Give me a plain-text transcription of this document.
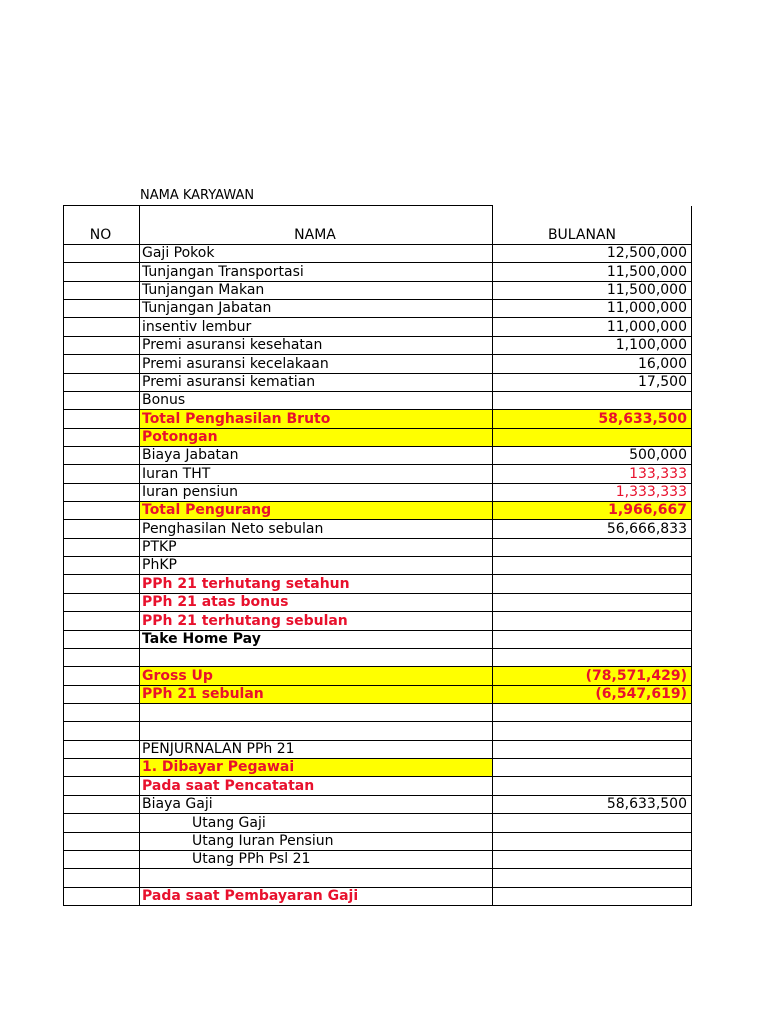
NAMA KARYAWAN
NO	NAMA	BULANAN
	Gaji Pokok	12,500,000
	Tunjangan Transportasi	11,500,000
	Tunjangan Makan	11,500,000
	Tunjangan Jabatan	11,000,000
	insentiv lembur	11,000,000
	Premi asuransi kesehatan	1,100,000
	Premi asuransi kecelakaan	16,000
	Premi asuransi kematian	17,500
	Bonus	
	Total Penghasilan Bruto	58,633,500
	Potongan	
	Biaya Jabatan	500,000
	Iuran THT	133,333
	Iuran pensiun	1,333,333
	Total Pengurang	1,966,667
	Penghasilan Neto sebulan	56,666,833
	PTKP	
	PhKP	
	PPh 21 terhutang setahun	
	PPh 21 atas bonus	
	PPh 21 terhutang sebulan	
	Take Home Pay	

	Gross Up	(78,571,429)
	PPh 21 sebulan	(6,547,619)

	PENJURNALAN PPh 21	
	1. Dibayar Pegawai	
	Pada saat Pencatatan	
	Biaya Gaji	58,633,500
	Utang Gaji	
	Utang Iuran Pensiun	
	Utang PPh Psl 21	

	Pada saat Pembayaran Gaji	
